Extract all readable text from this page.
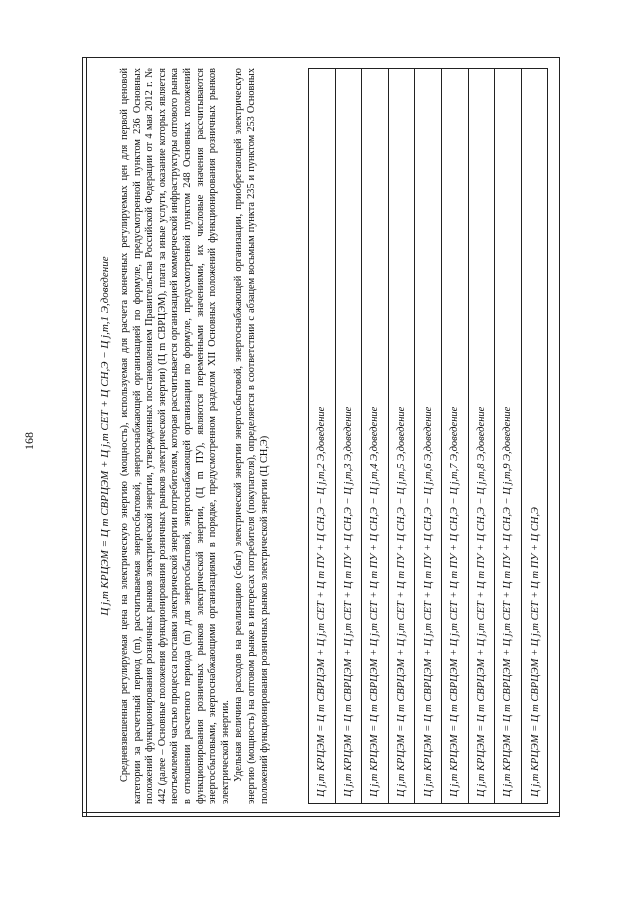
168	Ц j,m КРЦЭМ = Ц m СВРЦЭМ + Ц j,m СЕТ + Ц СН,Э − Ц j,m,1 Э,доведение Средневзвешенная регулируемая цена на электрическую энергию (мощность), используемая для расчета конечных регулируемых цен для первой ценовой категории за расчетный период (m), рассчитываемая энергосбытовой, энергоснабжающей организацией по формуле, предусмотренной пунктом 236 Основных положений функционирования розничных рынков электрической энергии, утвержденных постановлением Правительства Российской Федерации от 4 мая 2012 г. № 442 (далее – Основные положения функционирования розничных рынков электрической энергии) (Ц m СВРЦЭМ), плата за иные услуги, оказание которых является неотъемлемой частью процесса поставки электрической энергии потребителям, которая рассчитывается организацией коммерческой инфраструктуры оптового рынка в отношении расчетного периода (m) для энергосбытовой, энергоснабжающей организации по формуле, предусмотренной пунктом 248 Основных положений функционирования розничных рынков электрической энергии, (Ц m ПУ), являются переменными значениями, их числовые значения рассчитываются энергосбытовыми, энергоснабжающими организациями в порядке, предусмотренном разделом XII Основных положений функционирования розничных рынков электрической энергии. Удельная величина расходов на реализацию (сбыт) электрической энергии энергосбытовой, энергоснабжающей организации, приобретающей электрическую энергию (мощность) на оптовом рынке в интересах потребителя (покупателя), определяется в соответствии с абзацем восьмым пункта 235 и пунктом 253 Основных положений функционирования розничных рынков электрической энергии (Ц СН,Э)	Ц j,m КРЦЭМ

= Ц m СВРЦЭМ + Ц j,m СЕТ + Ц m ПУ + Ц СН,Э − Ц j,m,2 Э,доведение
Ц j,m КРЦЭМ

= Ц m СВРЦЭМ + Ц j,m СЕТ + Ц m ПУ + Ц СН,Э − Ц j,m,3 Э,доведение
Ц j,m КРЦЭМ

= Ц m СВРЦЭМ + Ц j,m СЕТ + Ц m ПУ + Ц СН,Э − Ц j,m,4 Э,доведение
Ц j,m КРЦЭМ

= Ц m СВРЦЭМ + Ц j,m СЕТ + Ц m ПУ + Ц СН,Э − Ц j,m,5 Э,доведение
Ц j,m КРЦЭМ

= Ц m СВРЦЭМ + Ц j,m СЕТ + Ц m ПУ + Ц СН,Э − Ц j,m,6 Э,доведение
Ц j,m КРЦЭМ

= Ц m СВРЦЭМ + Ц j,m СЕТ + Ц m ПУ + Ц СН,Э − Ц j,m,7 Э,доведение
Ц j,m КРЦЭМ

= Ц m СВРЦЭМ + Ц j,m СЕТ + Ц m ПУ + Ц СН,Э − Ц j,m,8 Э,доведение
Ц j,m КРЦЭМ

= Ц m СВРЦЭМ + Ц j,m СЕТ + Ц m ПУ + Ц СН,Э − Ц j,m,9 Э,доведение
Ц j,m КРЦЭМ

= Ц m СВРЦЭМ + Ц j,m СЕТ + Ц m ПУ + Ц СН,Э
